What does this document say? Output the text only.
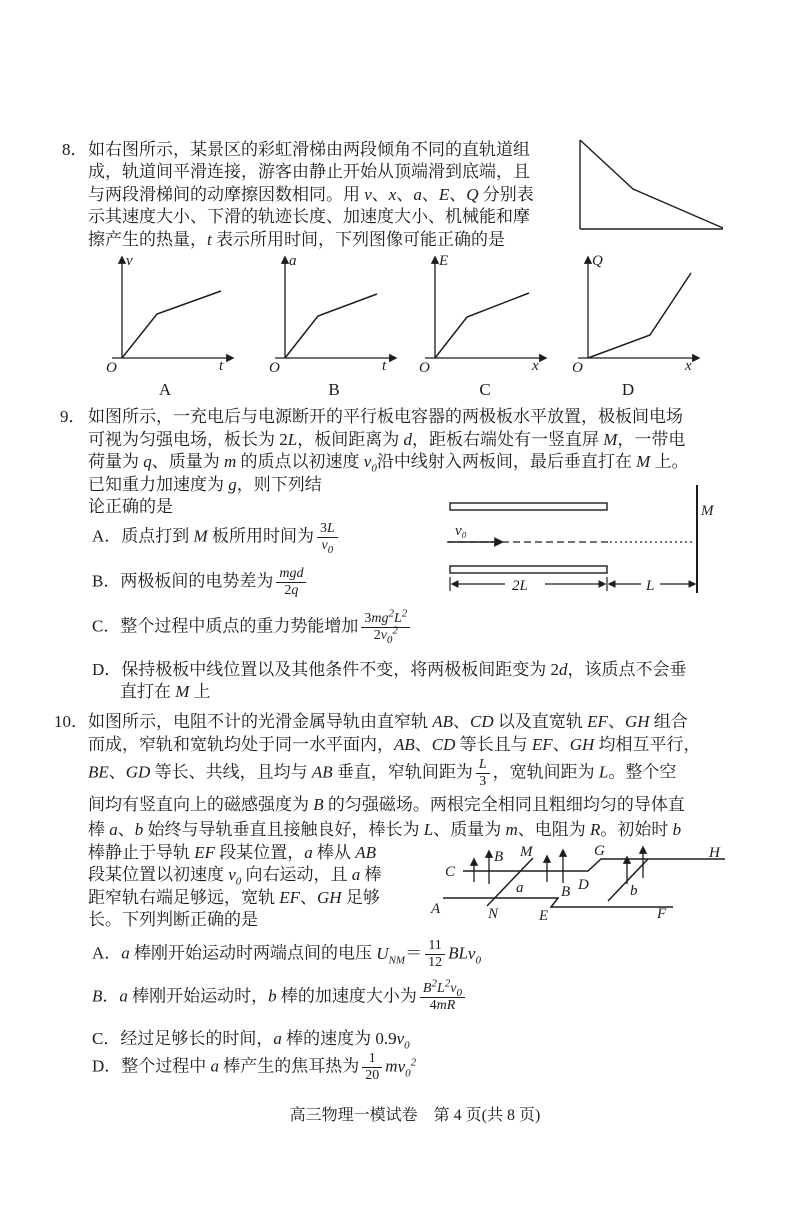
8． 如右图所示，某景区的彩虹滑梯由两段倾角不同的直轨道组
成，轨道间平滑连接，游客由静止开始从顶端滑到底端，且
与两段滑梯间的动摩擦因数相同。用 v、x、a、E、Q 分别表
示其速度大小、下滑的轨迹长度、加速度大小、机械能和摩
擦产生的热量，t 表示所用时间，下列图像可能正确的是
v
t
O
a
t
O
E
x
O
Q
x
O
A	B	C	D
9． 如图所示，一充电后与电源断开的平行板电容器的两极板水平放置，极板间电场
可视为匀强电场，板长为 2L，板间距离为 d，距板右端处有一竖直屏 M，一带电
荷量为 q、质量为 m 的质点以初速度 $v_0$沿中线射入两板间，最后垂直打在 M 上。
已知重力加速度为 g，则下列结
论正确的是
A．质点打到 M 板所用时间为 $\frac{3L}{v_0}$
B．两极板间的电势差为 $\frac{\text{mgd}}{2q}$
C．整个过程中质点的重力势能增加 $\frac{3mg^2L^2}{2v_0^2}$
D．保持极板中线位置以及其他条件不变，将两极板间距变为 2d，该质点不会垂
直打在 M 上
v₀
M
2L	L
10． 如图所示，电阻不计的光滑金属导轨由直窄轨 AB、CD 以及直宽轨 EF、GH 组合
而成，窄轨和宽轨均处于同一水平面内，AB、CD 等长且与 EF、GH 均相互平行，
BE、GD 等长、共线，且均与 AB 垂直，窄轨间距为 $\frac{L}{3}$ ，宽轨间距为 L。整个空
间均有竖直向上的磁感强度为 B 的匀强磁场。两根完全相同且粗细均匀的导体直
棒 a、b 始终与导轨垂直且接触良好，棒长为 L、质量为 m、电阻为 R。初始时 b
棒静止于导轨 EF 段某位置，a 棒从 AB
段某位置以初速度 $v_0$ 向右运动，且 a 棒
距窄轨右端足够远，宽轨 EF、GH 足够
长。下列判断正确的是
A．a 棒刚开始运动时两端点间的电压 $U_{NM}= \frac{11}{12} BLv_0$
B．a 棒刚开始运动时，b 棒的加速度大小为 $\frac{B^2L^2v_0}{4mR}$
C．经过足够长的时间，a 棒的速度为 $0.9v_0$
D．整个过程中 a 棒产生的焦耳热为 $\frac{1}{20} mv_0^2$
C
A
B M
N
a	B D
E
G
b
F
H
高三物理一模试卷　第 4 页(共 8 页)
